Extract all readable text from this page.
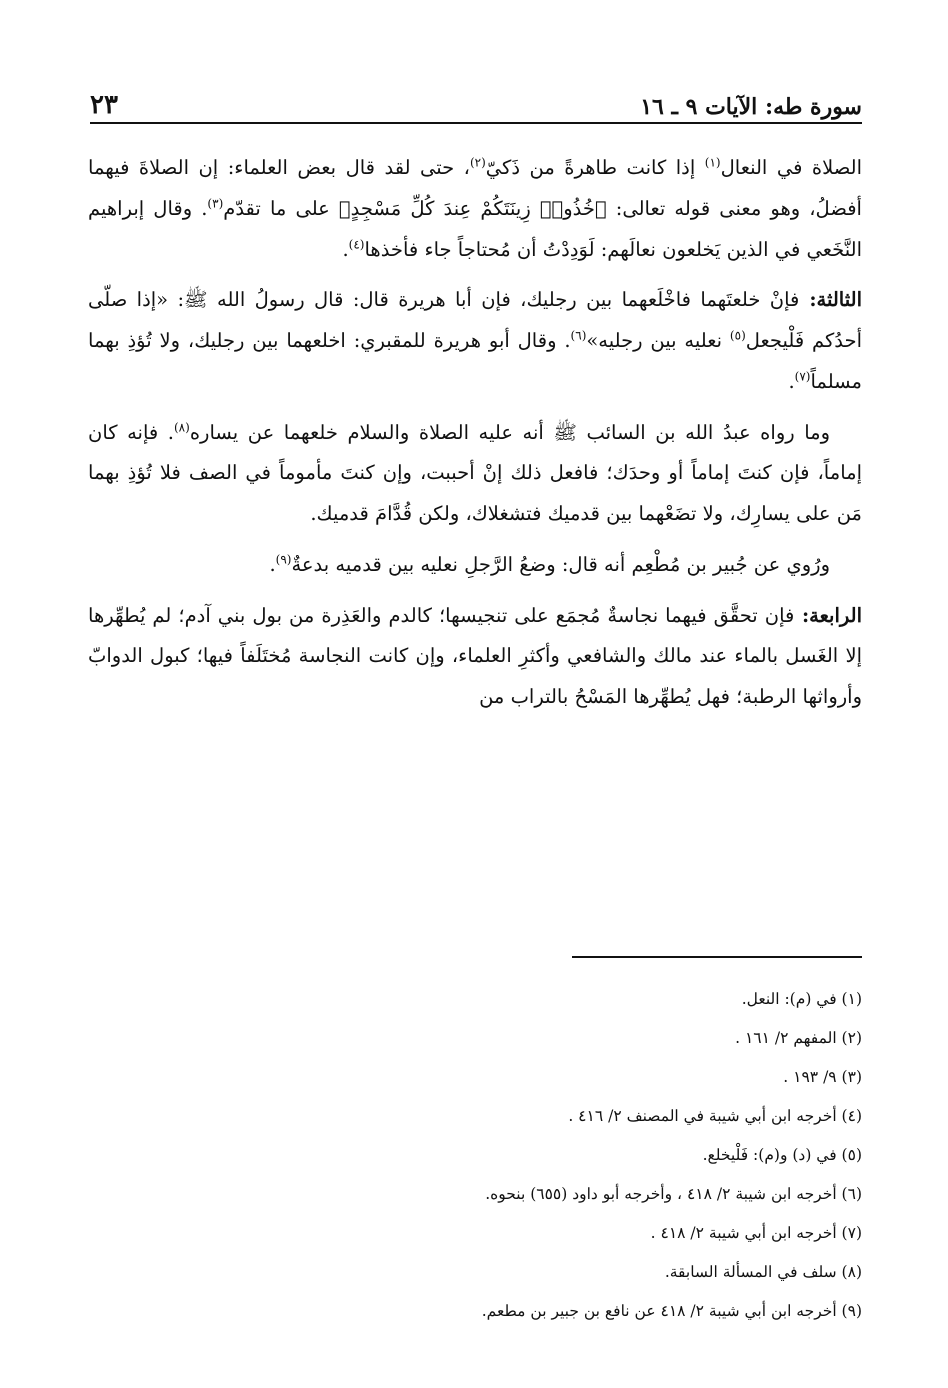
سورة طه: الآيات ٩ ـ ١٦
٢٣

الصلاة في النعال$^{(١)}$ إذا كانت طاهرةً من ذَكيّ$^{(٢)}$، حتى لقد قال بعض العلماء: إن الصلاةَ فيهما أفضلُ، وهو معنى قوله تعالى: ﴿خُذُوا۟ زِينَتَكُمْ عِندَ كُلِّ مَسْجِدٍ﴾ على ما تقدّم$^{(٣)}$. وقال إبراهيم النَّخَعي في الذين يَخلعون نعالَهم: لَوَدِدْتُ أن مُحتاجاً جاء فأخذها$^{(٤)}$.

الثالثة: فإنْ خلعتَهما فاخْلَعهما بين رجليك، فإن أبا هريرة قال: قال رسولُ الله ﷺ: «إذا صلّى أحدُكم فَلْيجعل$^{(٥)}$ نعليه بين رجليه»$^{(٦)}$. وقال أبو هريرة للمقبري: اخلعهما بين رجليك، ولا تُؤذِ بهما مسلماً$^{(٧)}$.

وما رواه عبدُ الله بن السائب ﷺ أنه عليه الصلاة والسلام خلعهما عن يساره$^{(٨)}$. فإنه كان إماماً، فإن كنتَ إماماً أو وحدَك؛ فافعل ذلك إنْ أحببت، وإن كنتَ مأموماً في الصف فلا تُؤذِ بهما مَن على يسارِك، ولا تضَعْهما بين قدميك فتشغلاك، ولكن قُدَّامَ قدميك.

ورُوي عن جُبير بن مُطْعِم أنه قال: وضعُ الرَّجلِ نعليه بين قدميه بدعةٌ$^{(٩)}$.

الرابعة: فإن تحقَّق فيهما نجاسةٌ مُجمَع على تنجيسها؛ كالدم والعَذِرة من بول بني آدم؛ لم يُطهِّرها إلا الغَسل بالماء عند مالك والشافعي وأكثرِ العلماء، وإن كانت النجاسة مُختَلَفاً فيها؛ كبول الدوابّ وأرواثها الرطبة؛ فهل يُطهِّرها المَسْحُ بالتراب من

(١) في (م): النعل.
(٢) المفهم ٢/ ١٦١ .
(٣) ٩/ ١٩٣ .
(٤) أخرجه ابن أبي شيبة في المصنف ٢/ ٤١٦ .
(٥) في (د) و(م): فَلْيخلع.
(٦) أخرجه ابن شيبة ٢/ ٤١٨ ، وأخرجه أبو داود (٦٥٥) بنحوه.
(٧) أخرجه ابن أبي شيبة ٢/ ٤١٨ .
(٨) سلف في المسألة السابقة.
(٩) أخرجه ابن أبي شيبة ٢/ ٤١٨ عن نافع بن جبير بن مطعم.
